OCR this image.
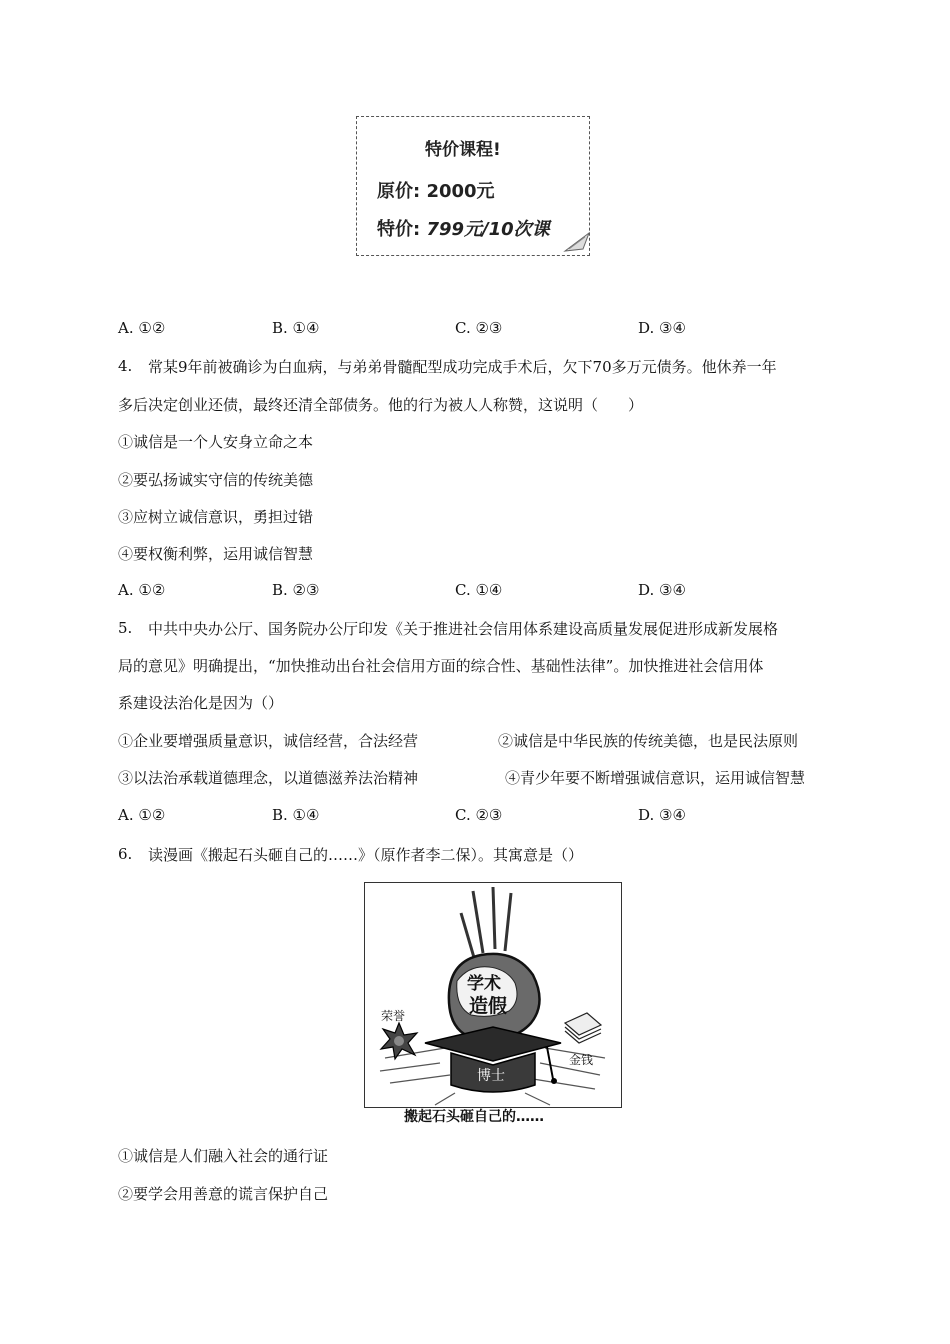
特价课程!
原价: 2000元
特价: 799元/10次课
A. ①②	B. ①④	C. ②③	D. ③④
4. 常某9年前被确诊为白血病，与弟弟骨髓配型成功完成手术后，欠下70多万元债务。他休养一年
多后决定创业还债，最终还清全部债务。他的行为被人人称赞，这说明（　　）
①诚信是一个人安身立命之本
②要弘扬诚实守信的传统美德
③应树立诚信意识，勇担过错
④要权衡利弊，运用诚信智慧
A. ①②	B. ②③	C. ①④	D. ③④
5. 中共中央办公厅、国务院办公厅印发《关于推进社会信用体系建设高质量发展促进形成新发展格
局的意见》明确提出，“加快推动出台社会信用方面的综合性、基础性法律”。加快推进社会信用体
系建设法治化是因为（）
①企业要增强质量意识，诚信经营，合法经营	②诚信是中华民族的传统美德，也是民法原则
③以法治承载道德理念，以道德滋养法治精神	④青少年要不断增强诚信意识，运用诚信智慧
A. ①②	B. ①④	C. ②③	D. ③④
6. 读漫画《搬起石头砸自己的……》（原作者李二保）。其寓意是（）
学术
造假
荣誉
金钱
博士
搬起石头砸自己的……
①诚信是人们融入社会的通行证
②要学会用善意的谎言保护自己
